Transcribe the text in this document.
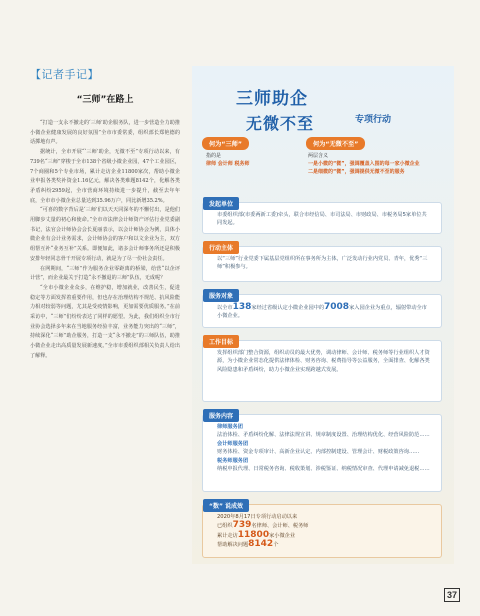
【记者手记】
“三师”在路上

“打造一支永不撤走的‘三师’助企服务队，进一步营造全力助推小微企业健康发展的良好氛围”全市市委常委，组织部长郑艳德的话掷地有声。

据统计，全市开展“‘三师’助企，无微不至”专项行动以来，有739名“三师”穿梭于全市138个省级小微企业园，47个工业园区，7个商圈和5个专业市场，累计走访企业11800家次，帮助小微企业申报各类奖补资金1.16亿元，解决各类难题8142个，化解各类矛盾纠纷2959起，全市营商环境持续进一步提升，截至去年年底，全市市小微企业总量达到35.96万户，同比新增35.2%。

“可喜的数字背后是‘三师’们以天天同深冬的不懈付出，是他们用脚步丈量的初心和使命。”全市市法律会计师资产评估行业党委副书记，法官会计师协会会长夏丽表示，以会计师协会为例，具体小微企业有会计业务需求，会计师协会的客户和以文企业为主，双方组帮互补“业务互补”关系。即便如此，诸多会计师事务所还是积极安排年轻同志骨干开展专项行动，就是为了尽一份社会责任。

在网期间，“三师”作为服务企业零距离的桥梁，给营“以企评计营”，而企业最关于打造“永不撤退的三师”队伍，无成呢？

“全市小微企业众多，在维护稳，增加就业，改善民生，促进稳定等方面发挥着重要作用，但也存在治理结构不规范、抗风险能力相对较弱等问题，尤其是受疫情影响，更加需要优质服务。”在前采访中，“三师”们纷纷表达了同样的愿望。为此，我们组织全市行业协会选择多年来在当地服务经验丰富，业务能力突出的“三师”，持续深化“三师”助企服务，打造一支“永不撤走”的三师队伍，助推小微企业走出高质量发展新速度。”全市市委组织部相关负责人给出了解释。

三师助企
无微不至	专项行动
何为“三师”	何为“无微不至”
指的是
律师 会计师 税务师
两层含义
一是小微的“微”，强调覆盖入围的每一家小微企业
二是细微的“微”，强调提供无微不至的服务
发起单位
市委组织部(市委两新工委)牵头，联合市经信局、市司法局、市财政局、市税务局5家单位共同发起。
行动主体
以“三师”行业党委下属基层党组织所在事务所为主体，广泛发动行业内党员、青年，优秀“三师”积极参与。
服务对象
以全市138家经过省级认定小微企业园中的7008家入园企业为重点，辐射带动全市小微企业。
工作目标
发挥组织部门整合资源，组织动员的最大优势，调动律师、会计师、税务师等行业组织人才资源，为小微企业常态化提供法律体检、财务咨询、税费指导等公益服务，全面排查、化解各类风险隐患和矛盾纠纷，助力小微企业实现跨越式发展。
服务内容
律师服务团
法治体检、矛盾纠纷化解、法律法规宣讲、规章制度设置、治理结构优化、经营风险防范……
会计师服务团
财务体检、资金专项审计、高新企业认定、内部控制建设、管理会计、财税政策咨询……
税务师服务团
纳税申报代理、日常税务咨询、税收策划、涉税鉴证、纳税情况审查、代理申请减免退税……
“数” 说成效
2020年8月17日专项行动启动以来
已组织739名律师、会计师、税务师
累计走访11800家小微企业
帮助解决问题8142个
37
